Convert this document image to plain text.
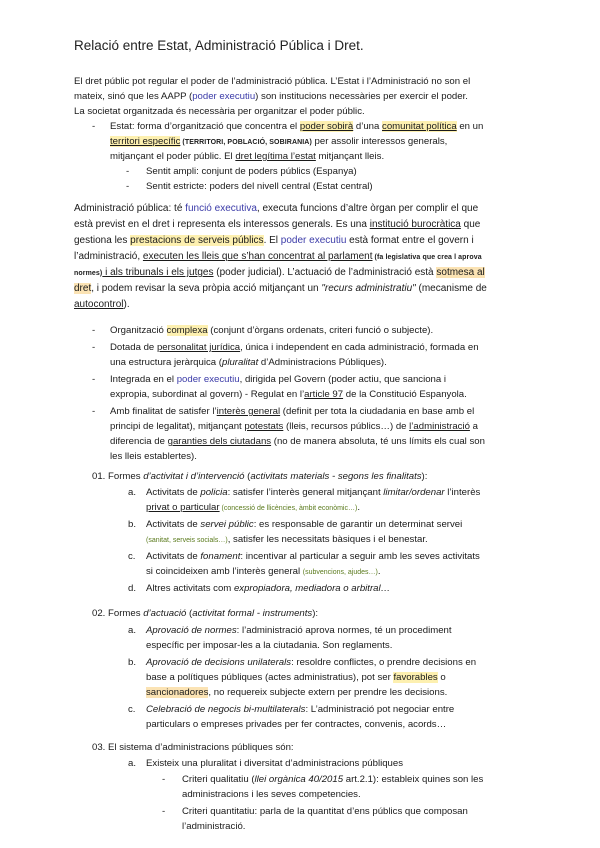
Relació entre Estat, Administració Pública i Dret.
El dret públic pot regular el poder de l’administració pública. L’Estat i l’Administració no son el
mateix, sinó que les AAPP (poder executiu) son institucions necessàries per exercir el poder.
La societat organitzada és necessària per organitzar el poder públic.
- Estat: forma d’organització que concentra el poder sobirà d’una comunitat política en un
territori específic (TERRITORI, POBLACIÓ, SOBIRANIA) per assolir interessos generals,
mitjançant el poder públic. El dret legítima l’estat mitjançant lleis.
- Sentit ampli: conjunt de poders públics (Espanya)
- Sentit estricte: poders del nivell central (Estat central)
Administració pública: té funció executiva, executa funcions d’altre òrgan per complir el que
està previst en el dret i representa els interessos generals. Es una institució burocràtica que
gestiona les prestacions de serveis públics. El poder executiu està format entre el govern i
l’administració, executen les lleis que s’han concentrat al parlament (fa legislativa que crea l aprova
normes) i als tribunals i els jutges (poder judicial). L’actuació de l’administració està sotmesa al
dret, i podem revisar la seva pròpia acció mitjançant un "recurs administratiu" (mecanisme de
autocontrol).
- Organització complexa (conjunt d’òrgans ordenats, criteri funció o subjecte).
- Dotada de personalitat jurídica, única i independent en cada administració, formada en
una estructura jeràrquica (pluralitat d’Administracions Públiques).
- Integrada en el poder executiu, dirigida pel Govern (poder actiu, que sanciona i
expropia, subordinat al govern) - Regulat en l’article 97 de la Constitució Espanyola.
- Amb finalitat de satisfer l’interès general (definit per tota la ciudadania en base amb el
principi de legalitat), mitjançant potestats (lleis, recursos públics…) de l’administració a
diferencia de garanties dels ciutadans (no de manera absoluta, té uns límits els cual son
les lleis establertes).
01. Formes d’activitat i d’intervenció (activitats materials - segons les finalitats):
a. Activitats de policia: satisfer l’interès general mitjançant limitar/ordenar l’interès
privat o particular (concessió de llicències, àmbit econòmic…).
b. Activitats de servei públic: es responsable de garantir un determinat servei
(sanitat, serveis socials…), satisfer les necessitats bàsiques i el benestar.
c. Activitats de fonament: incentivar al particular a seguir amb les seves activitats
si coincideixen amb l’interès general (subvencions, ajudes…).
d. Altres activitats com expropiadora, mediadora o arbitral…
02. Formes d’actuació (activitat formal - instruments):
a. Aprovació de normes: l’administració aprova normes, té un procediment
específic per imposar-les a la ciutadania. Son reglaments.
b. Aprovació de decisions unilaterals: resoldre conflictes, o prendre decisions en
base a polítiques públiques (actes administratius), pot ser favorables o
sancionadores, no requereix subjecte extern per prendre les decisions.
c. Celebració de negocis bi-multilaterals: L’administració pot negociar entre
particulars o empreses privades per fer contractes, convenis, acords…
03. El sistema d’administracions públiques són:
a. Existeix una pluralitat i diversitat d’administracions públiques
- Criteri qualitatiu (llei orgànica 40/2015 art.2.1): estableix quines son les
administracions i les seves competencies.
- Criteri quantitatiu: parla de la quantitat d’ens públics que composan
l’administració.
